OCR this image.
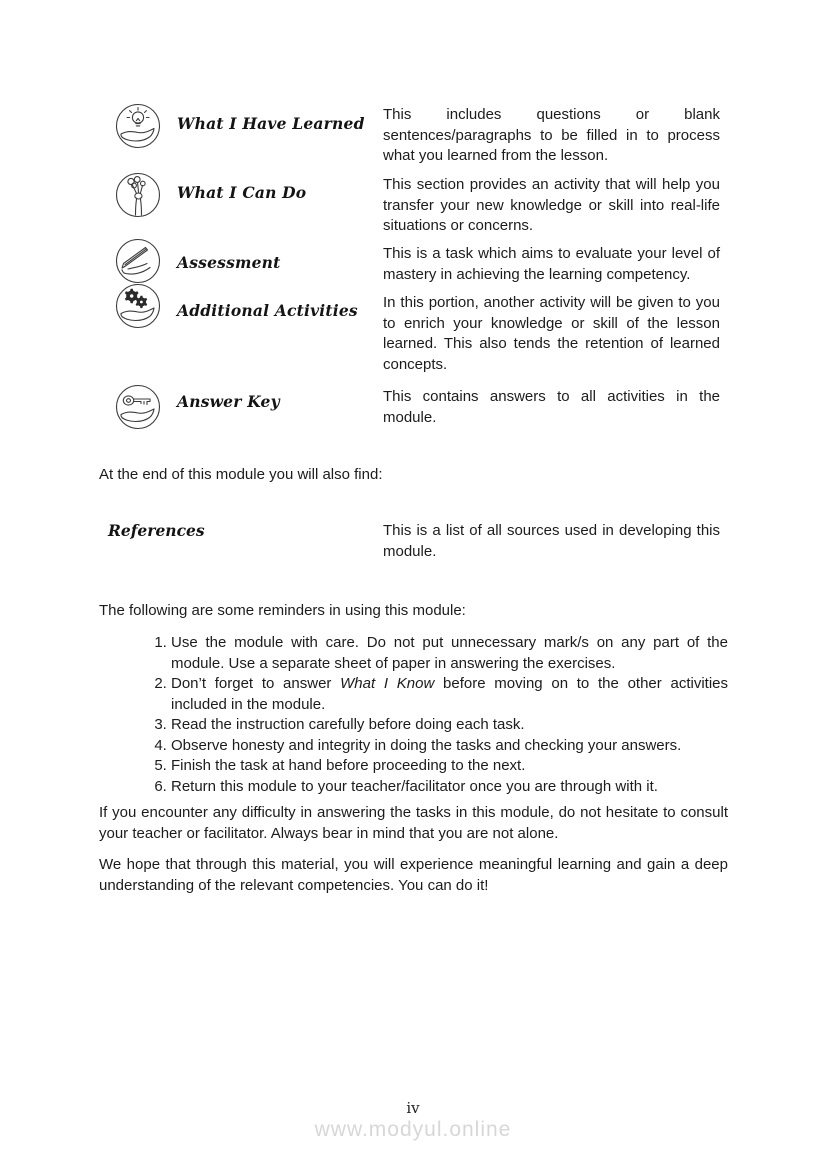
What I Have Learned	This includes questions or blank sentences/paragraphs to be filled in to process what you learned from the lesson.
What I Can Do	This section provides an activity that will help you transfer your new knowledge or skill into real-life situations or concerns.
Assessment	This is a task which aims to evaluate your level of mastery in achieving the learning competency.
Additional Activities	In this portion, another activity will be given to you to enrich your knowledge or skill of the lesson learned. This also tends the retention of learned concepts.
Answer Key	This contains answers to all activities in the module.

At the end of this module you will also find:

References	This is a list of all sources used in developing this module.

The following are some reminders in using this module:

1. Use the module with care. Do not put unnecessary mark/s on any part of the module. Use a separate sheet of paper in answering the exercises.
2. Don’t forget to answer What I Know before moving on to the other activities included in the module.
3. Read the instruction carefully before doing each task.
4. Observe honesty and integrity in doing the tasks and checking your answers.
5. Finish the task at hand before proceeding to the next.
6. Return this module to your teacher/facilitator once you are through with it.

If you encounter any difficulty in answering the tasks in this module, do not hesitate to consult your teacher or facilitator. Always bear in mind that you are not alone.

We hope that through this material, you will experience meaningful learning and gain a deep understanding of the relevant competencies. You can do it!

iv
www.modyul.online
